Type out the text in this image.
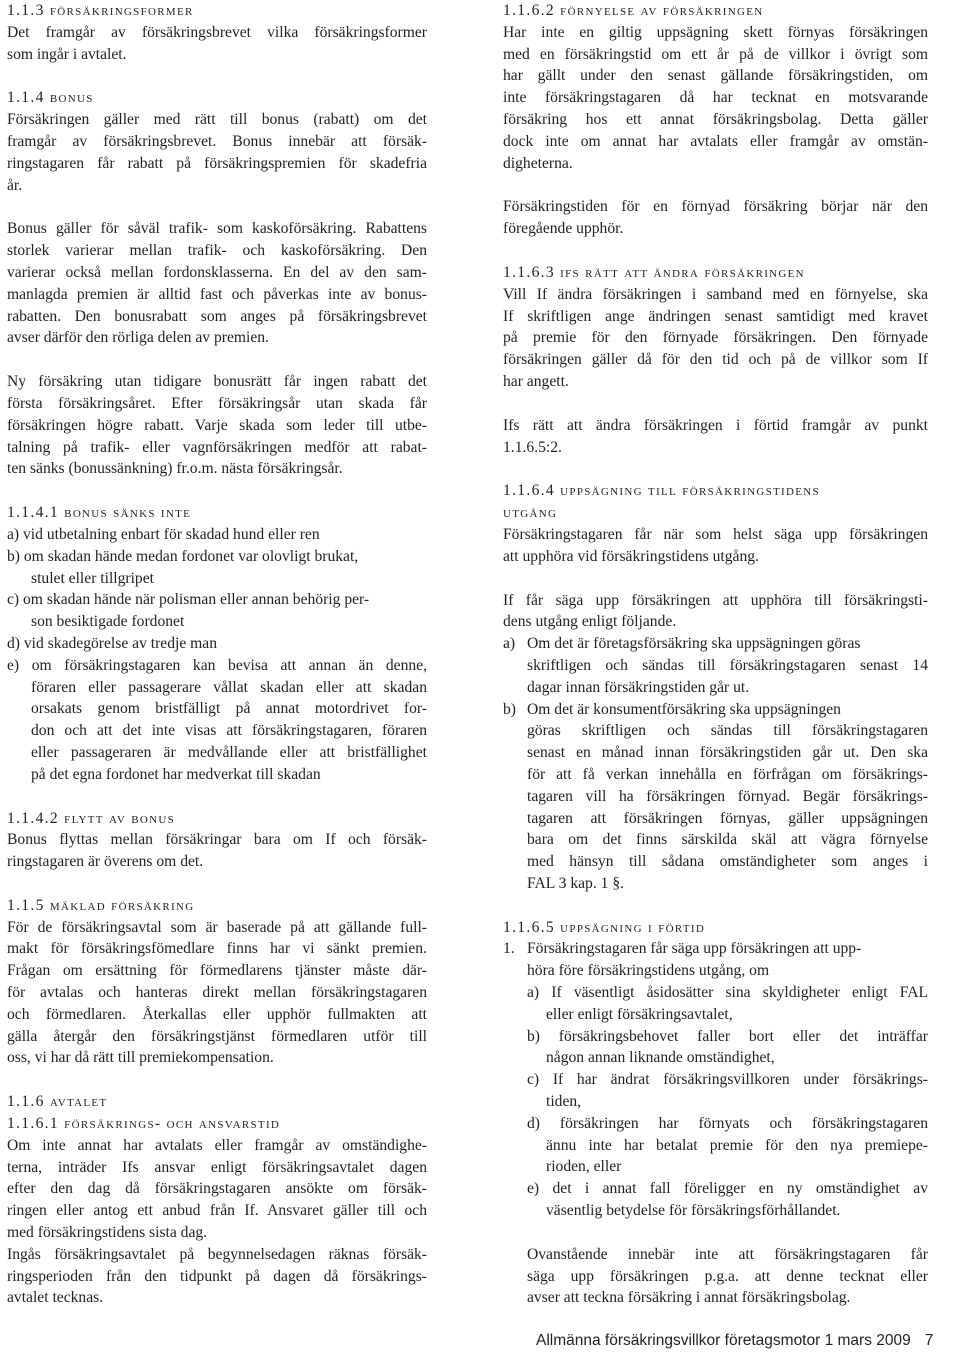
1.1.3 försäkringsformer
Det framgår av försäkringsbrevet vilka försäkringsformer
som ingår i avtalet.
1.1.4 bonus
Försäkringen gäller med rätt till bonus (rabatt) om det
framgår av försäkringsbrevet. Bonus innebär att försäk-
ringstagaren får rabatt på försäkringspremien för skadefria
år.
Bonus gäller för såväl trafik- som kaskoförsäkring. Rabattens
storlek varierar mellan trafik- och kaskoförsäkring. Den
varierar också mellan fordonsklasserna. En del av den sam-
manlagda premien är alltid fast och påverkas inte av bonus-
rabatten. Den bonusrabatt som anges på försäkringsbrevet
avser därför den rörliga delen av premien.
Ny försäkring utan tidigare bonusrätt får ingen rabatt det
första försäkringsåret. Efter försäkringsår utan skada får
försäkringen högre rabatt. Varje skada som leder till utbe-
talning på trafik- eller vagnförsäkringen medför att rabat-
ten sänks (bonussänkning) fr.o.m. nästa försäkringsår.
1.1.4.1 bonus sänks inte
a) vid utbetalning enbart för skadad hund eller ren
b) om skadan hände medan fordonet var olovligt brukat,
stulet eller tillgripet
c) om skadan hände när polisman eller annan behörig per-
son besiktigade fordonet
d) vid skadegörelse av tredje man
e) om försäkringstagaren kan bevisa att annan än denne,
föraren eller passagerare vållat skadan eller att skadan
orsakats genom bristfälligt på annat motordrivet for-
don och att det inte visas att försäkringstagaren, föraren
eller passageraren är medvållande eller att bristfällighet
på det egna fordonet har medverkat till skadan
1.1.4.2 flytt av bonus
Bonus flyttas mellan försäkringar bara om If och försäk-
ringstagaren är överens om det.
1.1.5 mäklad försäkring
För de försäkringsavtal som är baserade på att gällande full-
makt för försäkringsfömedlare finns har vi sänkt premien.
Frågan om ersättning för förmedlarens tjänster måste där-
för avtalas och hanteras direkt mellan försäkringstagaren
och förmedlaren. Återkallas eller upphör fullmakten att
gälla återgår den försäkringstjänst förmedlaren utför till
oss, vi har då rätt till premiekompensation.
1.1.6 avtalet
1.1.6.1 försäkrings- och ansvarstid
Om inte annat har avtalats eller framgår av omständighe-
terna, inträder Ifs ansvar enligt försäkringsavtalet dagen
efter den dag då försäkringstagaren ansökte om försäk-
ringen eller antog ett anbud från If. Ansvaret gäller till och
med försäkringstidens sista dag.
Ingås försäkringsavtalet på begynnelsedagen räknas försäk-
ringsperioden från den tidpunkt på dagen då försäkrings-
avtalet tecknas.
1.1.6.2 förnyelse av försäkringen
Har inte en giltig uppsägning skett förnyas försäkringen
med en försäkringstid om ett år på de villkor i övrigt som
har gällt under den senast gällande försäkringstiden, om
inte försäkringstagaren då har tecknat en motsvarande
försäkring hos ett annat försäkringsbolag. Detta gäller
dock inte om annat har avtalats eller framgår av omstän-
digheterna.
Försäkringstiden för en förnyad försäkring börjar när den
föregående upphör.
1.1.6.3 ifs rätt att ändra försäkringen
Vill If ändra försäkringen i samband med en förnyelse, ska
If skriftligen ange ändringen senast samtidigt med kravet
på premie för den förnyade försäkringen. Den förnyade
försäkringen gäller då för den tid och på de villkor som If
har angett.
Ifs rätt att ändra försäkringen i förtid framgår av punkt
1.1.6.5:2.
1.1.6.4 uppsägning till försäkringstidens
utgång
Försäkringstagaren får när som helst säga upp försäkringen
att upphöra vid försäkringstidens utgång.
If får säga upp försäkringen att upphöra till försäkringsti-
dens utgång enligt följande.
a) Om det är företagsförsäkring ska uppsägningen göras
skriftligen och sändas till försäkringstagaren senast 14
dagar innan försäkringstiden går ut.
b) Om det är konsumentförsäkring ska uppsägningen
göras skriftligen och sändas till försäkringstagaren
senast en månad innan försäkringstiden går ut. Den ska
för att få verkan innehålla en förfrågan om försäkrings-
tagaren vill ha försäkringen förnyad. Begär försäkrings-
tagaren att försäkringen förnyas, gäller uppsägningen
bara om det finns särskilda skäl att vägra förnyelse
med hänsyn till sådana omständigheter som anges i
FAL 3 kap. 1 §.
1.1.6.5 uppsägning i förtid
1. Försäkringstagaren får säga upp försäkringen att upp-
höra före försäkringstidens utgång, om
a) If väsentligt åsidosätter sina skyldigheter enligt FAL
eller enligt försäkringsavtalet,
b) försäkringsbehovet faller bort eller det inträffar
någon annan liknande omständighet,
c) If har ändrat försäkringsvillkoren under försäkrings-
tiden,
d) försäkringen har förnyats och försäkringstagaren
ännu inte har betalat premie för den nya premiepe-
rioden, eller
e) det i annat fall föreligger en ny omständighet av
väsentlig betydelse för försäkringsförhållandet.
Ovanstående innebär inte att försäkringstagaren får
säga upp försäkringen p.g.a. att denne tecknat eller
avser att teckna försäkring i annat försäkringsbolag.
Allmänna försäkringsvillkor företagsmotor 1 mars 2009 7
